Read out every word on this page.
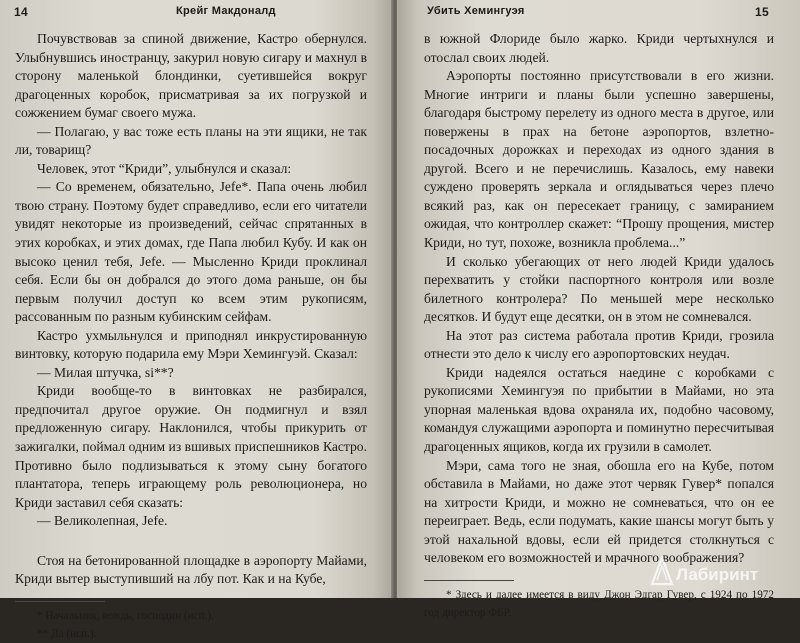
14	Крейг Макдоналд

Почувствовав за спиной движение, Кастро обернулся. Улыбнувшись иностранцу, закурил новую сигару и махнул в сторону маленькой блондинки, суетившейся вокруг драгоценных коробок, присматривая за их погрузкой и сожжением бумаг своего мужа.

— Полагаю, у вас тоже есть планы на эти ящики, не так ли, товарищ?

Человек, этот “Криди”, улыбнулся и сказал:

— Со временем, обязательно, Jefe*. Папа очень любил твою страну. Поэтому будет справедливо, если его читатели увидят некоторые из произведений, сейчас спрятанных в этих коробках, и этих домах, где Папа любил Кубу. И как он высоко ценил тебя, Jefe. — Мысленно Криди проклинал себя. Если бы он добрался до этого дома раньше, он бы первым получил доступ ко всем этим рукописям, рассованным по разным кубинским сейфам.

Кастро ухмыльнулся и приподнял инкрустированную винтовку, которую подарила ему Мэри Хемингуэй. Сказал:

— Милая штучка, si**?

Криди вообще-то в винтовках не разбирался, предпочитал другое оружие. Он подмигнул и взял предложенную сигару. Наклонился, чтобы прикурить от зажигалки, поймал одним из вшивых приспешников Кастро. Противно было подлизываться к этому сыну богатого плантатора, теперь играющему роль революционера, но Криди заставил себя сказать:

— Великолепная, Jefe.

Стоя на бетонированной площадке в аэропорту Майами, Криди вытер выступивший на лбу пот. Как и на Кубе,

* Начальник, вождь, господин (исп.).

** Да (исп.).

Убить Хемингуэя	15

в южной Флориде было жарко. Криди чертыхнулся и отослал своих людей.

Аэропорты постоянно присутствовали в его жизни. Многие интриги и планы были успешно завершены, благодаря быстрому перелету из одного места в другое, или повержены в прах на бетоне аэропортов, взлетно-посадочных дорожках и переходах из одного здания в другой. Всего и не перечислишь. Казалось, ему навеки суждено проверять зеркала и оглядываться через плечо всякий раз, как он пересекает границу, с замиранием ожидая, что контроллер скажет: “Прошу прощения, мистер Криди, но тут, похоже, возникла проблема...”

И сколько убегающих от него людей Криди удалось перехватить у стойки паспортного контроля или возле билетного контролера? По меньшей мере несколько десятков. И будут еще десятки, он в этом не сомневался.

На этот раз система работала против Криди, грозила отнести это дело к числу его аэропортовских неудач.

Криди надеялся остаться наедине с коробками с рукописями Хемингуэя по прибытии в Майами, но эта упорная маленькая вдова охраняла их, подобно часовому, командуя служащими аэропорта и поминутно пересчитывая драгоценных ящиков, когда их грузили в самолет.

Мэри, сама того не зная, обошла его на Кубе, потом обставила в Майами, но даже этот червяк Гувер* попался на хитрости Криди, и можно не сомневаться, что он ее переиграет. Ведь, если подумать, какие шансы могут быть у этой нахальной вдовы, если ей придется столкнуться с человеком его возможностей и мрачного воображения?

* Здесь и далее имеется в виду Джон Эдгар Гувер, с 1924 по 1972 год директор ФБР.

Лабиринт
